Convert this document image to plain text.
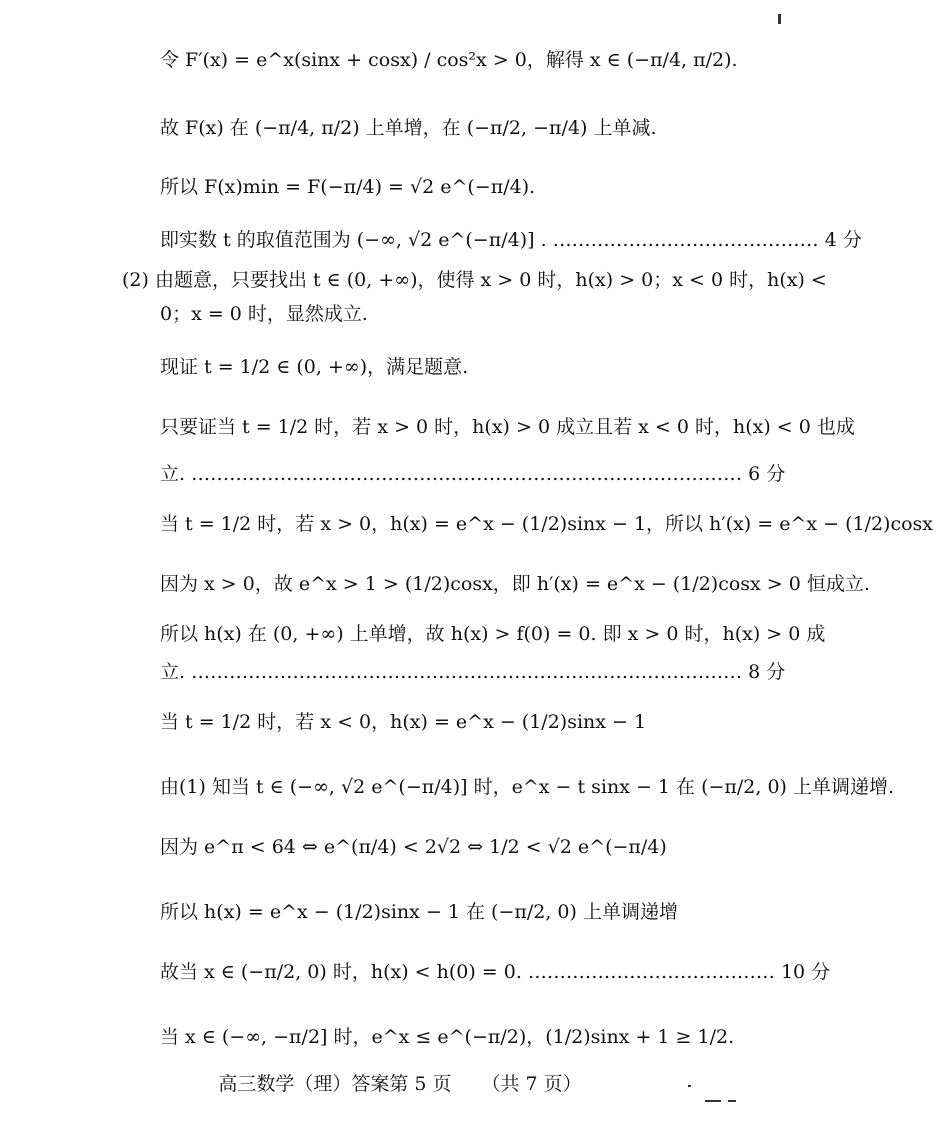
令 F′(x) = e^x(sinx + cosx) / cos²x > 0，解得 x ∈ (−π/4, π/2).
故 F(x) 在 (−π/4, π/2) 上单增，在 (−π/2, −π/4) 上单减.
所以 F(x)min = F(−π/4) = √2 e^(−π/4).
即实数 t 的取值范围为 (−∞, √2 e^(−π/4)] . …………………………………… 4 分
(2) 由题意，只要找出 t ∈ (0, +∞)，使得 x > 0 时，h(x) > 0；x < 0 时，h(x) <
0；x = 0 时，显然成立.
现证 t = 1/2 ∈ (0, +∞)，满足题意.
只要证当 t = 1/2 时，若 x > 0 时，h(x) > 0 成立且若 x < 0 时，h(x) < 0 也成
立. …………………………………………………………………………… 6 分
当 t = 1/2 时，若 x > 0，h(x) = e^x − (1/2)sinx − 1，所以 h′(x) = e^x − (1/2)cosx
因为 x > 0，故 e^x > 1 > (1/2)cosx，即 h′(x) = e^x − (1/2)cosx > 0 恒成立.
所以 h(x) 在 (0, +∞) 上单增，故 h(x) > f(0) = 0. 即 x > 0 时，h(x) > 0 成
立. …………………………………………………………………………… 8 分
当 t = 1/2 时，若 x < 0，h(x) = e^x − (1/2)sinx − 1
由(1) 知当 t ∈ (−∞, √2 e^(−π/4)] 时，e^x − t sinx − 1 在 (−π/2, 0) 上单调递增.
因为 e^π < 64 ⇔ e^(π/4) < 2√2 ⇔ 1/2 < √2 e^(−π/4)
所以 h(x) = e^x − (1/2)sinx − 1 在 (−π/2, 0) 上单调递增
故当 x ∈ (−π/2, 0) 时，h(x) < h(0) = 0. ………………………………… 10 分
当 x ∈ (−∞, −π/2] 时，e^x ≤ e^(−π/2)，(1/2)sinx + 1 ≥ 1/2.
高三数学（理）答案第 5 页 （共 7 页）
